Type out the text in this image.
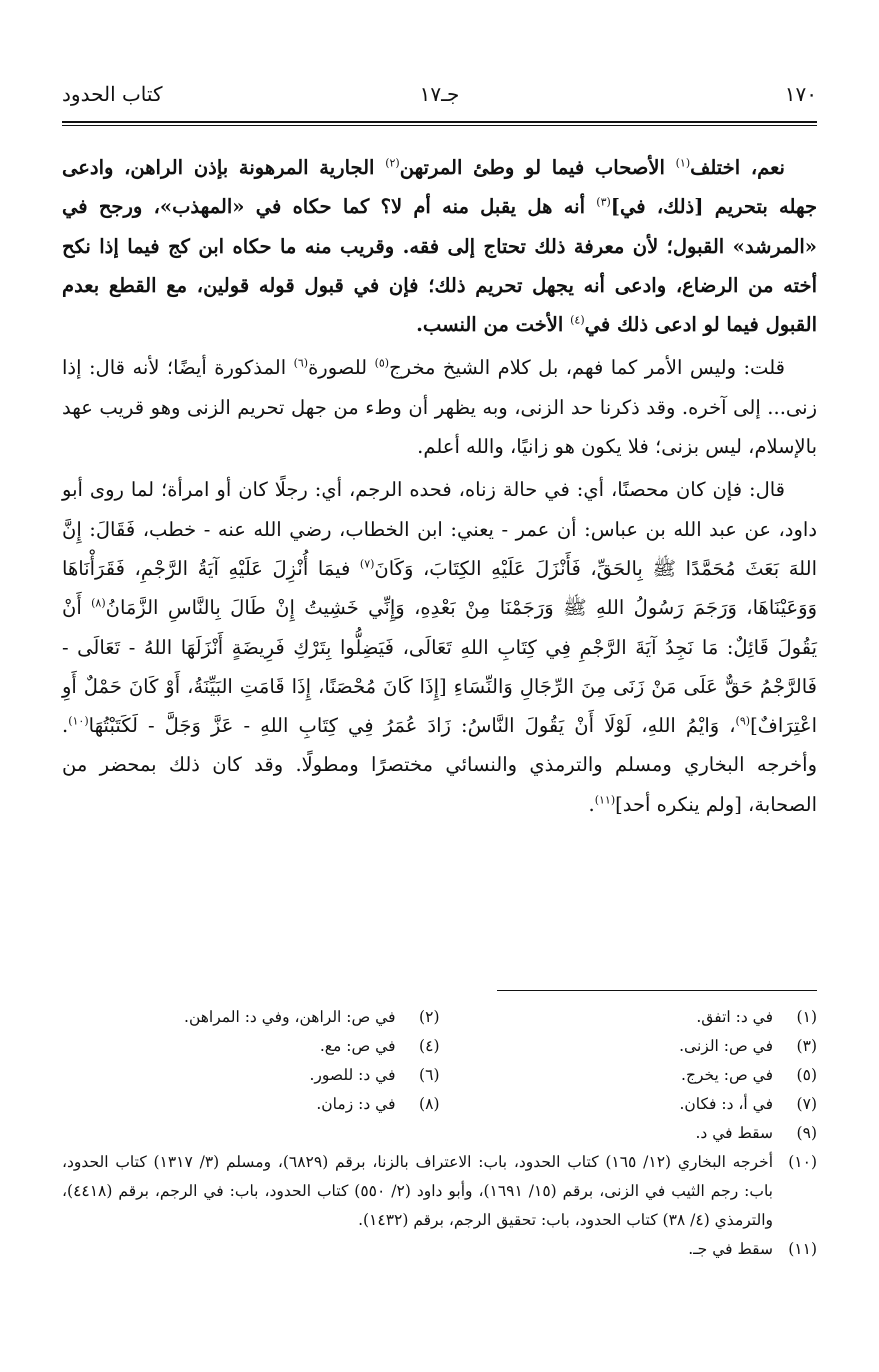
١٧٠
جـ١٧
كتاب الحدود

نعم، اختلف$^{(١)}$ الأصحاب فيما لو وطئ المرتهن$^{(٢)}$ الجارية المرهونة بإذن الراهن، وادعى جهله بتحريم [ذلك، في]$^{(٣)}$ أنه هل يقبل منه أم لا؟ كما حكاه في «المهذب»، ورجح في «المرشد» القبول؛ لأن معرفة ذلك تحتاج إلى فقه. وقريب منه ما حكاه ابن كج فيما إذا نكح أخته من الرضاع، وادعى أنه يجهل تحريم ذلك؛ فإن في قبول قوله قولين، مع القطع بعدم القبول فيما لو ادعى ذلك في$^{(٤)}$ الأخت من النسب.

قلت: وليس الأمر كما فهم، بل كلام الشيخ مخرج$^{(٥)}$ للصورة$^{(٦)}$ المذكورة أيضًا؛ لأنه قال: إذا زنى... إلى آخره. وقد ذكرنا حد الزنى، وبه يظهر أن وطء من جهل تحريم الزنى وهو قريب عهد بالإسلام، ليس بزنى؛ فلا يكون هو زانيًا، والله أعلم.

قال: فإن كان محصنًا، أي: في حالة زناه، فحده الرجم، أي: رجلًا كان أو امرأة؛ لما روى أبو داود، عن عبد الله بن عباس: أن عمر - يعني: ابن الخطاب، رضي الله عنه - خطب، فَقَالَ: إِنَّ اللهَ بَعَثَ مُحَمَّدًا ﷺ بِالحَقِّ، فَأَنْزَلَ عَلَيْهِ الكِتَابَ، وَكَانَ$^{(٧)}$ فيمَا أُنْزِلَ عَلَيْهِ آيَةُ الرَّجْمِ، فَقَرَأْنَاهَا وَوَعَيْنَاهَا، وَرَجَمَ رَسُولُ اللهِ ﷺ وَرَجَمْنَا مِنْ بَعْدِهِ، وَإِنِّي خَشِيتُ إِنْ طَالَ بِالنَّاسِ الزَّمَانُ$^{(٨)}$ أَنْ يَقُولَ قَائِلٌ: مَا نَجِدُ آيَةَ الرَّجْمِ فِي كِتَابِ اللهِ تَعَالَى، فَيَضِلُّوا بِتَرْكِ فَرِيضَةٍ أَنْزَلَهَا اللهُ - تَعَالَى - فَالرَّجْمُ حَقٌّ عَلَى مَنْ زَنَى مِنَ الرِّجَالِ وَالنِّسَاءِ [إِذَا كَانَ مُحْصَنًا، إِذَا قَامَتِ البَيِّنَةُ، أَوْ كَانَ حَمْلٌ أَوِ اعْتِرَافٌ]$^{(٩)}$، وَايْمُ اللهِ، لَوْلَا أَنْ يَقُولَ النَّاسُ: زَادَ عُمَرُ فِي كِتَابِ اللهِ - عَزَّ وَجَلَّ - لَكَتَبْتُهَا$^{(١٠)}$. وأخرجه البخاري ومسلم والترمذي والنسائي مختصرًا ومطولًا. وقد كان ذلك بمحضر من الصحابة، [ولم ينكره أحد]$^{(١١)}$.

(١)
في د: اتفق.
(٢)
في ص: الراهن، وفي د: المراهن.
(٣)
في ص: الزنى.
(٤)
في ص: مع.
(٥)
في ص: يخرج.
(٦)
في د: للصور.
(٧)
في أ، د: فكان.
(٨)
في د: زمان.
(٩)
سقط في د.
(١٠)
أخرجه البخاري (١٢/ ١٦٥) كتاب الحدود، باب: الاعتراف بالزنا، برقم (٦٨٢٩)، ومسلم (٣/ ١٣١٧) كتاب الحدود، باب: رجم الثيب في الزنى، برقم (١٥/ ١٦٩١)، وأبو داود (٢/ ٥٥٠) كتاب الحدود، باب: في الرجم، برقم (٤٤١٨)، والترمذي (٤/ ٣٨) كتاب الحدود، باب: تحقيق الرجم، برقم (١٤٣٢).
(١١)
سقط في جـ.
